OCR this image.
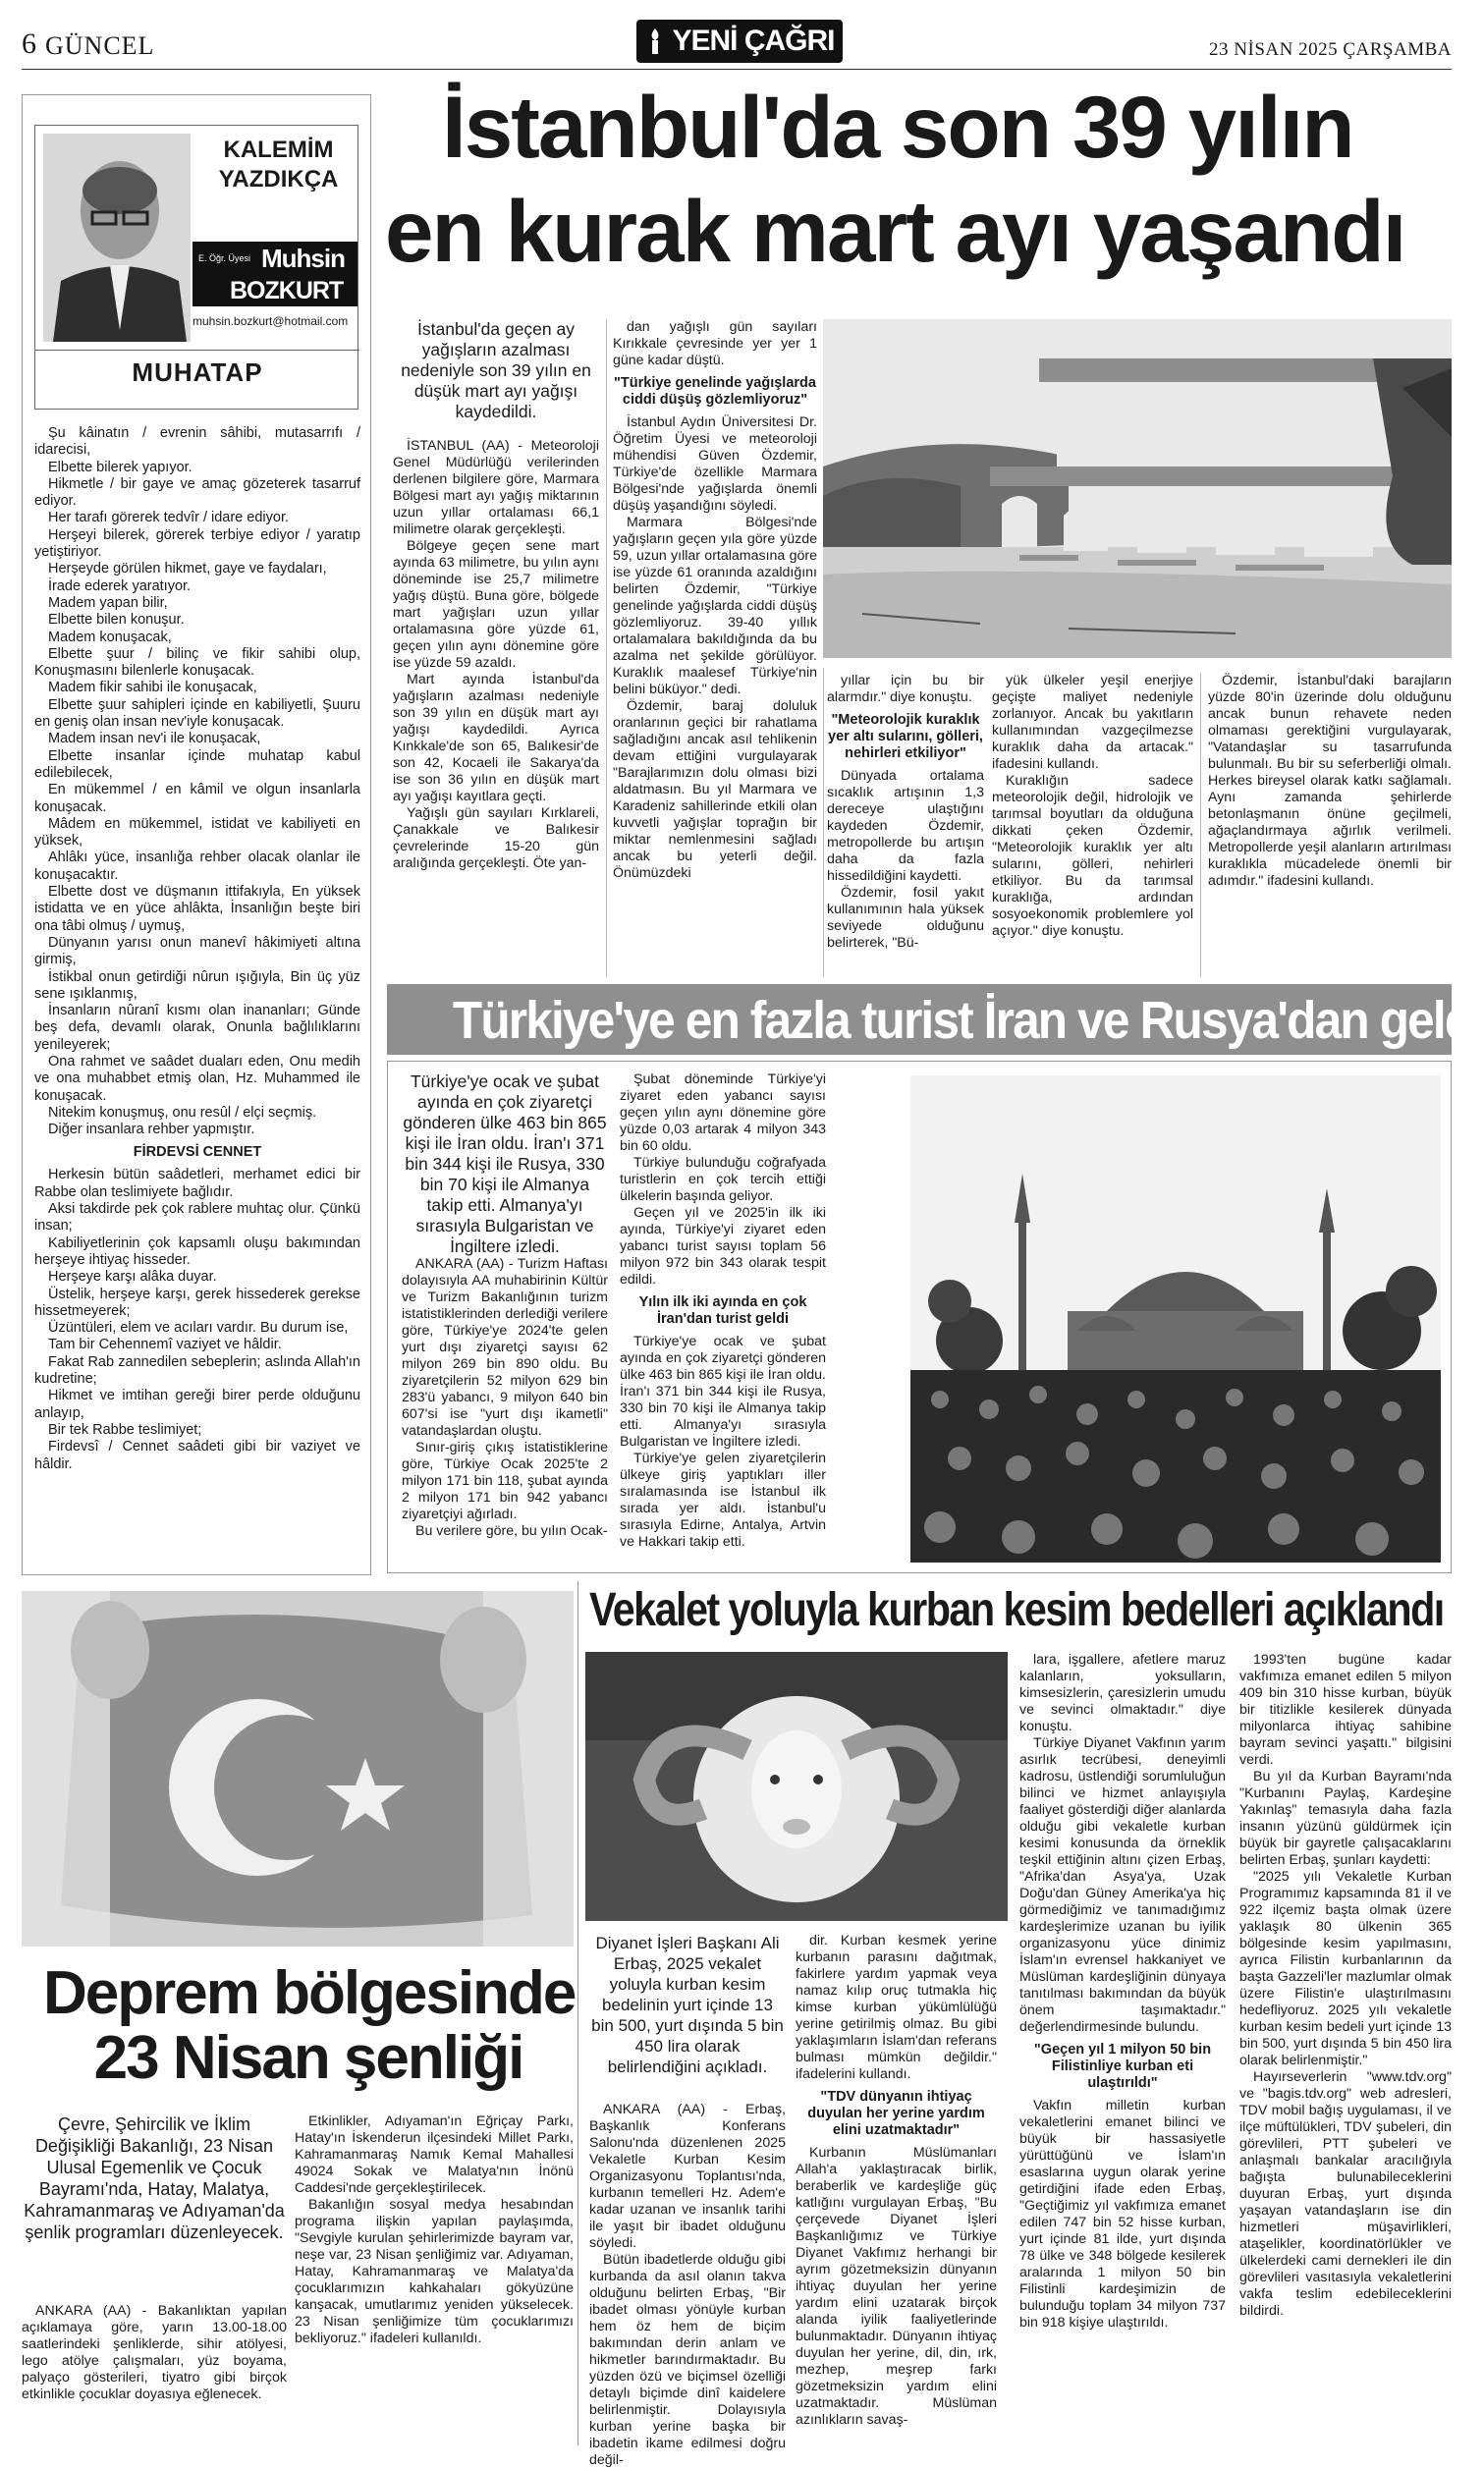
6 GÜNCEL	YENİ ÇAĞRI	23 NİSAN 2025 ÇARŞAMBA
KALEMİM
YAZDIKÇA
E. Öğr. Üyesi Muhsin
BOZKURT
muhsin.bozkurt@hotmail.com
MUHATAP

Şu kâinatın / evrenin sâhibi, mutasarrıfı / idarecisi,

Elbette bilerek yapıyor.

Hikmetle / bir gaye ve amaç gözeterek tasarruf ediyor.

Her tarafı görerek tedvîr / idare ediyor.

Herşeyi bilerek, görerek terbiye ediyor / yaratıp yetiştiriyor.

Herşeyde görülen hikmet, gaye ve faydaları,

İrade ederek yaratıyor.

Madem yapan bilir,

Elbette bilen konuşur.

Madem konuşacak,

Elbette şuur / bilinç ve fikir sahibi olup, Konuşmasını bilenlerle konuşacak.

Madem fikir sahibi ile konuşacak,

Elbette şuur sahipleri içinde en kabiliyetli, Şuuru en geniş olan insan nev'iyle konuşacak.

Madem insan nev'i ile konuşacak,

Elbette insanlar içinde muhatap kabul edilebilecek,

En mükemmel / en kâmil ve olgun insanlarla konuşacak.

Mâdem en mükemmel, istidat ve kabiliyeti en yüksek,

Ahlâkı yüce, insanlığa rehber olacak olanlar ile konuşacaktır.

Elbette dost ve düşmanın ittifakıyla, En yüksek istidatta ve en yüce ahlâkta, İnsanlığın beşte biri ona tâbi olmuş / uymuş,

Dünyanın yarısı onun manevî hâkimiyeti altına girmiş,

İstikbal onun getirdiği nûrun ışığıyla, Bin üç yüz sene ışıklanmış,

İnsanların nûranî kısmı olan inananları; Günde beş defa, devamlı olarak, Onunla bağlılıklarını yenileyerek;

Ona rahmet ve saâdet duaları eden, Onu medih ve ona muhabbet etmiş olan, Hz. Muhammed ile konuşacak.

Nitekim konuşmuş, onu resûl / elçi seçmiş.

Diğer insanlara rehber yapmıştır.

FİRDEVSİ CENNET

Herkesin bütün saâdetleri, merhamet edici bir Rabbe olan teslimiyete bağlıdır.

Aksi takdirde pek çok rablere muhtaç olur. Çünkü insan;

Kabiliyetlerinin çok kapsamlı oluşu bakımından herşeye ihtiyaç hisseder.

Herşeye karşı alâka duyar.

Üstelik, herşeye karşı, gerek hissederek gerekse hissetmeyerek;

Üzüntüleri, elem ve acıları vardır. Bu durum ise,

Tam bir Cehennemî vaziyet ve hâldir.

Fakat Rab zannedilen sebeplerin; aslında Allah'ın kudretine;

Hikmet ve imtihan gereği birer perde olduğunu anlayıp,

Bir tek Rabbe teslimiyet;

Firdevsî / Cennet saâdeti gibi bir vaziyet ve hâldir.

İstanbul'da son 39 yılın
en kurak mart ayı yaşandı
İstanbul'da geçen ay yağışların azalması nedeniyle son 39 yılın en düşük mart ayı yağışı kaydedildi.

İSTANBUL (AA) - Meteoroloji Genel Müdürlüğü verilerinden derlenen bilgilere göre, Marmara Bölgesi mart ayı yağış miktarının uzun yıllar ortalaması 66,1 milimetre olarak gerçekleşti.

Bölgeye geçen sene mart ayında 63 milimetre, bu yılın aynı döneminde ise 25,7 milimetre yağış düştü. Buna göre, bölgede mart yağışları uzun yıllar ortalamasına göre yüzde 61, geçen yılın aynı dönemine göre ise yüzde 59 azaldı.

Mart ayında İstanbul'da yağışların azalması nedeniyle son 39 yılın en düşük mart ayı yağışı kaydedildi. Ayrıca Kınkkale'de son 65, Balıkesir'de son 42, Kocaeli ile Sakarya'da ise son 36 yılın en düşük mart ayı yağışı kayıtlara geçti.

Yağışlı gün sayıları Kırklareli, Çanakkale ve Balıkesir çevrelerinde 15-20 gün aralığında gerçekleşti. Öte yan-

dan yağışlı gün sayıları Kırıkkale çevresinde yer yer 1 güne kadar düştü.

"Türkiye genelinde yağışlarda ciddi düşüş gözlemliyoruz"

İstanbul Aydın Üniversitesi Dr. Öğretim Üyesi ve meteoroloji mühendisi Güven Özdemir, Türkiye'de özellikle Marmara Bölgesi'nde yağışlarda önemli düşüş yaşandığını söyledi.

Marmara Bölgesi'nde yağışların geçen yıla göre yüzde 59, uzun yıllar ortalamasına göre ise yüzde 61 oranında azaldığını belirten Özdemir, "Türkiye genelinde yağışlarda ciddi düşüş gözlemliyoruz. 39-40 yıllık ortalamalara bakıldığında da bu azalma net şekilde görülüyor. Kuraklık maalesef Türkiye'nin belini büküyor." dedi.

Özdemir, baraj doluluk oranlarının geçici bir rahatlama sağladığını ancak asıl tehlikenin devam ettiğini vurgulayarak "Barajlarımızın dolu olması bizi aldatmasın. Bu yıl Marmara ve Karadeniz sahillerinde etkili olan kuvvetli yağışlar toprağın bir miktar nemlenmesini sağladı ancak bu yeterli değil. Önümüzdeki

yıllar için bu bir alarmdır." diye konuştu.

"Meteorolojik kuraklık yer altı sularını, gölleri, nehirleri etkiliyor"

Dünyada ortalama sıcaklık artışının 1,3 dereceye ulaştığını kaydeden Özdemir, metropollerde bu artışın daha da fazla hissedildiğini kaydetti.

Özdemir, fosil yakıt kullanımının hala yüksek seviyede olduğunu belirterek, "Bü-

yük ülkeler yeşil enerjiye geçişte maliyet nedeniyle zorlanıyor. Ancak bu yakıtların kullanımından vazgeçilmezse kuraklık daha da artacak." ifadesini kullandı.

Kuraklığın sadece meteorolojik değil, hidrolojik ve tarımsal boyutları da olduğuna dikkati çeken Özdemir, "Meteorolojik kuraklık yer altı sularını, gölleri, nehirleri etkiliyor. Bu da tarımsal kuraklığa, ardından sosyoekonomik problemlere yol açıyor." diye konuştu.

Özdemir, İstanbul'daki barajların yüzde 80'in üzerinde dolu olduğunu ancak bunun rehavete neden olmaması gerektiğini vurgulayarak, "Vatandaşlar su tasarrufunda bulunmalı. Bu bir su seferberliği olmalı. Herkes bireysel olarak katkı sağlamalı. Aynı zamanda şehirlerde betonlaşmanın önüne geçilmeli, ağaçlandırmaya ağırlık verilmeli. Metropollerde yeşil alanların artırılması kuraklıkla mücadelede önemli bir adımdır." ifadesini kullandı.

Türkiye'ye en fazla turist İran ve Rusya'dan geldi
Türkiye'ye ocak ve şubat ayında en çok ziyaretçi gönderen ülke 463 bin 865 kişi ile İran oldu. İran'ı 371 bin 344 kişi ile Rusya, 330 bin 70 kişi ile Almanya takip etti. Almanya'yı sırasıyla Bulgaristan ve İngiltere izledi.

ANKARA (AA) - Turizm Haftası dolayısıyla AA muhabirinin Kültür ve Turizm Bakanlığının turizm istatistiklerinden derlediği verilere göre, Türkiye'ye 2024'te gelen yurt dışı ziyaretçi sayısı 62 milyon 269 bin 890 oldu. Bu ziyaretçilerin 52 milyon 629 bin 283'ü yabancı, 9 milyon 640 bin 607'si ise "yurt dışı ikametli" vatandaşlardan oluştu.

Sınır-giriş çıkış istatistiklerine göre, Türkiye Ocak 2025'te 2 milyon 171 bin 118, şubat ayında 2 milyon 171 bin 942 yabancı ziyaretçiyi ağırladı.

Bu verilere göre, bu yılın Ocak-

Şubat döneminde Türkiye'yi ziyaret eden yabancı sayısı geçen yılın aynı dönemine göre yüzde 0,03 artarak 4 milyon 343 bin 60 oldu.

Türkiye bulunduğu coğrafyada turistlerin en çok tercih ettiği ülkelerin başında geliyor.

Geçen yıl ve 2025'in ilk iki ayında, Türkiye'yi ziyaret eden yabancı turist sayısı toplam 56 milyon 972 bin 343 olarak tespit edildi.

Yılın ilk iki ayında en çok İran'dan turist geldi

Türkiye'ye ocak ve şubat ayında en çok ziyaretçi gönderen ülke 463 bin 865 kişi ile İran oldu. İran'ı 371 bin 344 kişi ile Rusya, 330 bin 70 kişi ile Almanya takip etti. Almanya'yı sırasıyla Bulgaristan ve İngiltere izledi.

Türkiye'ye gelen ziyaretçilerin ülkeye giriş yaptıkları iller sıralamasında ise İstanbul ilk sırada yer aldı. İstanbul'u sırasıyla Edirne, Antalya, Artvin ve Hakkari takip etti.

Deprem bölgesinde
23 Nisan şenliği
Çevre, Şehircilik ve İklim Değişikliği Bakanlığı, 23 Nisan Ulusal Egemenlik ve Çocuk Bayramı'nda, Hatay, Malatya, Kahramanmaraş ve Adıyaman'da şenlik programları düzenleyecek.

ANKARA (AA) - Bakanlıktan yapılan açıklamaya göre, yarın 13.00-18.00 saatlerindeki şenliklerde, sihir atölyesi, lego atölye çalışmaları, yüz boyama, palyaço gösterileri, tiyatro gibi birçok etkinlikle çocuklar doyasıya eğlenecek.

Etkinlikler, Adıyaman'ın Eğriçay Parkı, Hatay'ın İskenderun ilçesindeki Millet Parkı, Kahramanmaraş Namık Kemal Mahallesi 49024 Sokak ve Malatya'nın İnönü Caddesi'nde gerçekleştirilecek.

Bakanlığın sosyal medya hesabından programa ilişkin yapılan paylaşımda, "Sevgiyle kurulan şehirlerimizde bayram var, neşe var, 23 Nisan şenliğimiz var. Adıyaman, Hatay, Kahramanmaraş ve Malatya'da çocuklarımızın kahkahaları gökyüzüne kanşacak, umutlarımız yeniden yükselecek. 23 Nisan şenliğimize tüm çocuklarımızı bekliyoruz." ifadeleri kullanıldı.

Vekalet yoluyla kurban kesim bedelleri açıklandı
Diyanet İşleri Başkanı Ali Erbaş, 2025 vekalet yoluyla kurban kesim bedelinin yurt içinde 13 bin 500, yurt dışında 5 bin 450 lira olarak belirlendiğini açıkladı.

ANKARA (AA) - Erbaş, Başkanlık Konferans Salonu'nda düzenlenen 2025 Vekaletle Kurban Kesim Organizasyonu Toplantısı'nda, kurbanın temelleri Hz. Adem'e kadar uzanan ve insanlık tarihi ile yaşıt bir ibadet olduğunu söyledi.

Bütün ibadetlerde olduğu gibi kurbanda da asıl olanın takva olduğunu belirten Erbaş, "Bir ibadet olması yönüyle kurban hem öz hem de biçim bakımından derin anlam ve hikmetler barındırmaktadır. Bu yüzden özü ve biçimsel özelliği detaylı biçimde dinî kaidelere belirlenmiştir. Dolayısıyla kurban yerine başka bir ibadetin ikame edilmesi doğru değil-

dir. Kurban kesmek yerine kurbanın parasını dağıtmak, fakirlere yardım yapmak veya namaz kılıp oruç tutmakla hiç kimse kurban yükümlülüğü yerine getirilmiş olmaz. Bu gibi yaklaşımların İslam'dan referans bulması mümkün değildir." ifadelerini kullandı.

"TDV dünyanın ihtiyaç duyulan her yerine yardım elini uzatmaktadır"

Kurbanın Müslümanları Allah'a yaklaştıracak birlik, beraberlik ve kardeşliğe güç katlığını vurgulayan Erbaş, "Bu çerçevede Diyanet İşleri Başkanlığımız ve Türkiye Diyanet Vakfımız herhangi bir ayrım gözetmeksizin dünyanın ihtiyaç duyulan her yerine yardım elini uzatarak birçok alanda iyilik faaliyetlerinde bulunmaktadır. Dünyanın ihtiyaç duyulan her yerine, dil, din, ırk, mezhep, meşrep farkı gözetmeksizin yardım elini uzatmaktadır. Müslüman azınlıkların savaş-

lara, işgallere, afetlere maruz kalanların, yoksulların, kimsesizlerin, çaresizlerin umudu ve sevinci olmaktadır." diye konuştu.

Türkiye Diyanet Vakfının yarım asırlık tecrübesi, deneyimli kadrosu, üstlendiği sorumluluğun bilinci ve hizmet anlayışıyla faaliyet gösterdiği diğer alanlarda olduğu gibi vekaletle kurban kesimi konusunda da örneklik teşkil ettiğinin altını çizen Erbaş, "Afrika'dan Asya'ya, Uzak Doğu'dan Güney Amerika'ya hiç görmediğimiz ve tanımadığımız kardeşlerimize uzanan bu iyilik organizasyonu yüce dinimiz İslam'ın evrensel hakkaniyet ve Müslüman kardeşliğinin dünyaya tanıtılması bakımından da büyük önem taşımaktadır." değerlendirmesinde bulundu.

"Geçen yıl 1 milyon 50 bin Filistinliye kurban eti ulaştırıldı"

Vakfın milletin kurban vekaletlerini emanet bilinci ve büyük bir hassasiyetle yürüttüğünü ve İslam'ın esaslarına uygun olarak yerine getirdiğini ifade eden Erbaş, "Geçtiğimiz yıl vakfımıza emanet edilen 747 bin 52 hisse kurban, yurt içinde 81 ilde, yurt dışında 78 ülke ve 348 bölgede kesilerek aralarında 1 milyon 50 bin Filistinli kardeşimizin de bulunduğu toplam 34 milyon 737 bin 918 kişiye ulaştırıldı.

1993'ten bugüne kadar vakfımıza emanet edilen 5 milyon 409 bin 310 hisse kurban, büyük bir titizlikle kesilerek dünyada milyonlarca ihtiyaç sahibine bayram sevinci yaşattı." bilgisini verdi.

Bu yıl da Kurban Bayramı'nda "Kurbanını Paylaş, Kardeşine Yakınlaş" temasıyla daha fazla insanın yüzünü güldürmek için büyük bir gayretle çalışacaklarını belirten Erbaş, şunları kaydetti:

"2025 yılı Vekaletle Kurban Programımız kapsamında 81 il ve 922 ilçemiz başta olmak üzere yaklaşık 80 ülkenin 365 bölgesinde kesim yapılmasını, ayrıca Filistin kurbanlarının da başta Gazzeli'ler mazlumlar olmak üzere Filistin'e ulaştırılmasını hedefliyoruz. 2025 yılı vekaletle kurban kesim bedeli yurt içinde 13 bin 500, yurt dışında 5 bin 450 lira olarak belirlenmiştir."

Hayırseverlerin "www.tdv.org" ve "bagis.tdv.org" web adresleri, TDV mobil bağış uygulaması, il ve ilçe müftülükleri, TDV şubeleri, din görevlileri, PTT şubeleri ve anlaşmalı bankalar aracılığıyla bağışta bulunabileceklerini duyuran Erbaş, yurt dışında yaşayan vatandaşların ise din hizmetleri müşavirlikleri, ataşelikler, koordinatörlükler ve ülkelerdeki cami dernekleri ile din görevlileri vasıtasıyla vekaletlerini vakfa teslim edebileceklerini bildirdi.
